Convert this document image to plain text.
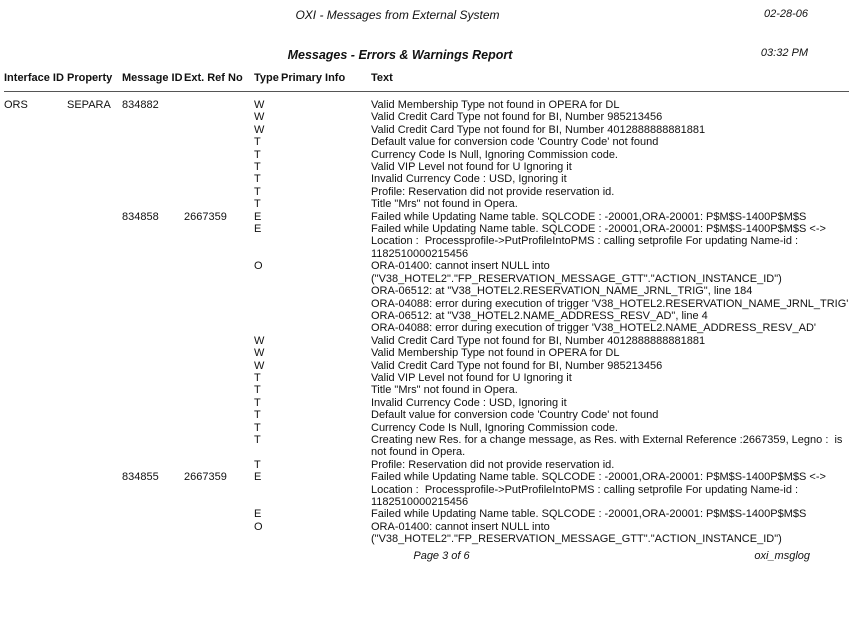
OXI - Messages from External System	02-28-06
Messages - Errors & Warnings Report	03:32 PM
Interface ID	Property	Message ID	Ext. Ref No	Type	Primary Info	Text
ORS	SEPARA	834882		W		Valid Membership Type not found in OPERA for DL
				W		Valid Credit Card Type not found for BI, Number 985213456
				W		Valid Credit Card Type not found for BI, Number 4012888888881881
				T		Default value for conversion code 'Country Code' not found
				T		Currency Code Is Null, Ignoring Commission code.
				T		Valid VIP Level not found for U Ignoring it
				T		Invalid Currency Code : USD, Ignoring it
				T		Profile: Reservation did not provide reservation id.
				T		Title "Mrs" not found in Opera.
		834858	2667359	E		Failed while Updating Name table. SQLCODE : -20001,ORA-20001: P$M$S-1400P$M$S
				E		Failed while Updating Name table. SQLCODE : -20001,ORA-20001: P$M$S-1400P$M$S <->
Location :  Processprofile->PutProfileIntoPMS : calling setprofile For updating Name-id :
1182510000215456
				O		ORA-01400: cannot insert NULL into
("V38_HOTEL2"."FP_RESERVATION_MESSAGE_GTT"."ACTION_INSTANCE_ID")
ORA-06512: at "V38_HOTEL2.RESERVATION_NAME_JRNL_TRIG", line 184
ORA-04088: error during execution of trigger 'V38_HOTEL2.RESERVATION_NAME_JRNL_TRIG'
ORA-06512: at "V38_HOTEL2.NAME_ADDRESS_RESV_AD", line 4
ORA-04088: error during execution of trigger 'V38_HOTEL2.NAME_ADDRESS_RESV_AD'
				W		Valid Credit Card Type not found for BI, Number 4012888888881881
				W		Valid Membership Type not found in OPERA for DL
				W		Valid Credit Card Type not found for BI, Number 985213456
				T		Valid VIP Level not found for U Ignoring it
				T		Title "Mrs" not found in Opera.
				T		Invalid Currency Code : USD, Ignoring it
				T		Default value for conversion code 'Country Code' not found
				T		Currency Code Is Null, Ignoring Commission code.
				T		Creating new Res. for a change message, as Res. with External Reference :2667359, Legno :  is
not found in Opera.
				T		Profile: Reservation did not provide reservation id.
		834855	2667359	E		Failed while Updating Name table. SQLCODE : -20001,ORA-20001: P$M$S-1400P$M$S <->
Location :  Processprofile->PutProfileIntoPMS : calling setprofile For updating Name-id :
1182510000215456
				E		Failed while Updating Name table. SQLCODE : -20001,ORA-20001: P$M$S-1400P$M$S
				O		ORA-01400: cannot insert NULL into
("V38_HOTEL2"."FP_RESERVATION_MESSAGE_GTT"."ACTION_INSTANCE_ID")
Page 3 of 6	oxi_msglog
